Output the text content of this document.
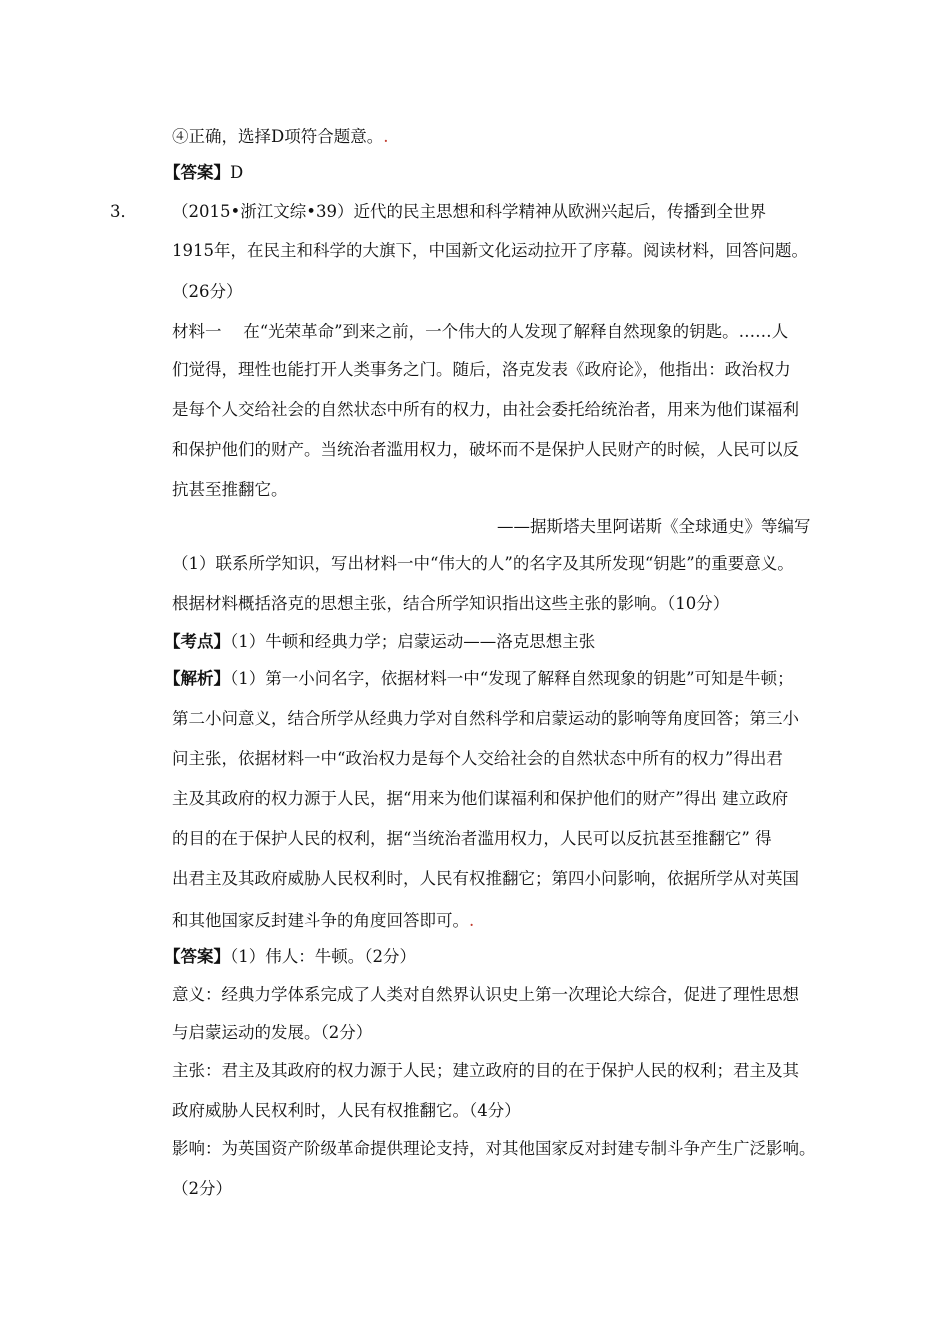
④正确，选择D项符合题意。.
【答案】D
3． （2015•浙江文综•39）近代的民主思想和科学精神从欧洲兴起后，传播到全世界
1915年，在民主和科学的大旗下，中国新文化运动拉开了序幕。阅读材料，回答问题。
（26分）
材料一　 在“光荣革命”到来之前，一个伟大的人发现了解释自然现象的钥匙。……人
们觉得，理性也能打开人类事务之门。随后，洛克发表《政府论》，他指出：政治权力
是每个人交给社会的自然状态中所有的权力，由社会委托给统治者，用来为他们谋福利
和保护他们的财产。当统治者滥用权力，破坏而不是保护人民财产的时候，人民可以反
抗甚至推翻它。
——据斯塔夫里阿诺斯《全球通史》等编写
（1）联系所学知识，写出材料一中“伟大的人”的名字及其所发现“钥匙”的重要意义。
根据材料概括洛克的思想主张，结合所学知识指出这些主张的影响。（10分）
【考点】（1）牛顿和经典力学；启蒙运动——洛克思想主张
【解析】（1）第一小问名字，依据材料一中“发现了解释自然现象的钥匙”可知是牛顿；
第二小问意义，结合所学从经典力学对自然科学和启蒙运动的影响等角度回答；第三小
问主张，依据材料一中“政治权力是每个人交给社会的自然状态中所有的权力”得出君
主及其政府的权力源于人民，据“用来为他们谋福利和保护他们的财产”得出 建立政府
的目的在于保护人民的权利，据“当统治者滥用权力，人民可以反抗甚至推翻它” 得
出君主及其政府威胁人民权利时，人民有权推翻它；第四小问影响，依据所学从对英国
和其他国家反封建斗争的角度回答即可。.
【答案】（1）伟人：牛顿。（2分）
意义：经典力学体系完成了人类对自然界认识史上第一次理论大综合，促进了理性思想
与启蒙运动的发展。（2分）
主张：君主及其政府的权力源于人民；建立政府的目的在于保护人民的权利；君主及其
政府威胁人民权利时，人民有权推翻它。（4分）
影响：为英国资产阶级革命提供理论支持，对其他国家反对封建专制斗争产生广泛影响。
（2分）
